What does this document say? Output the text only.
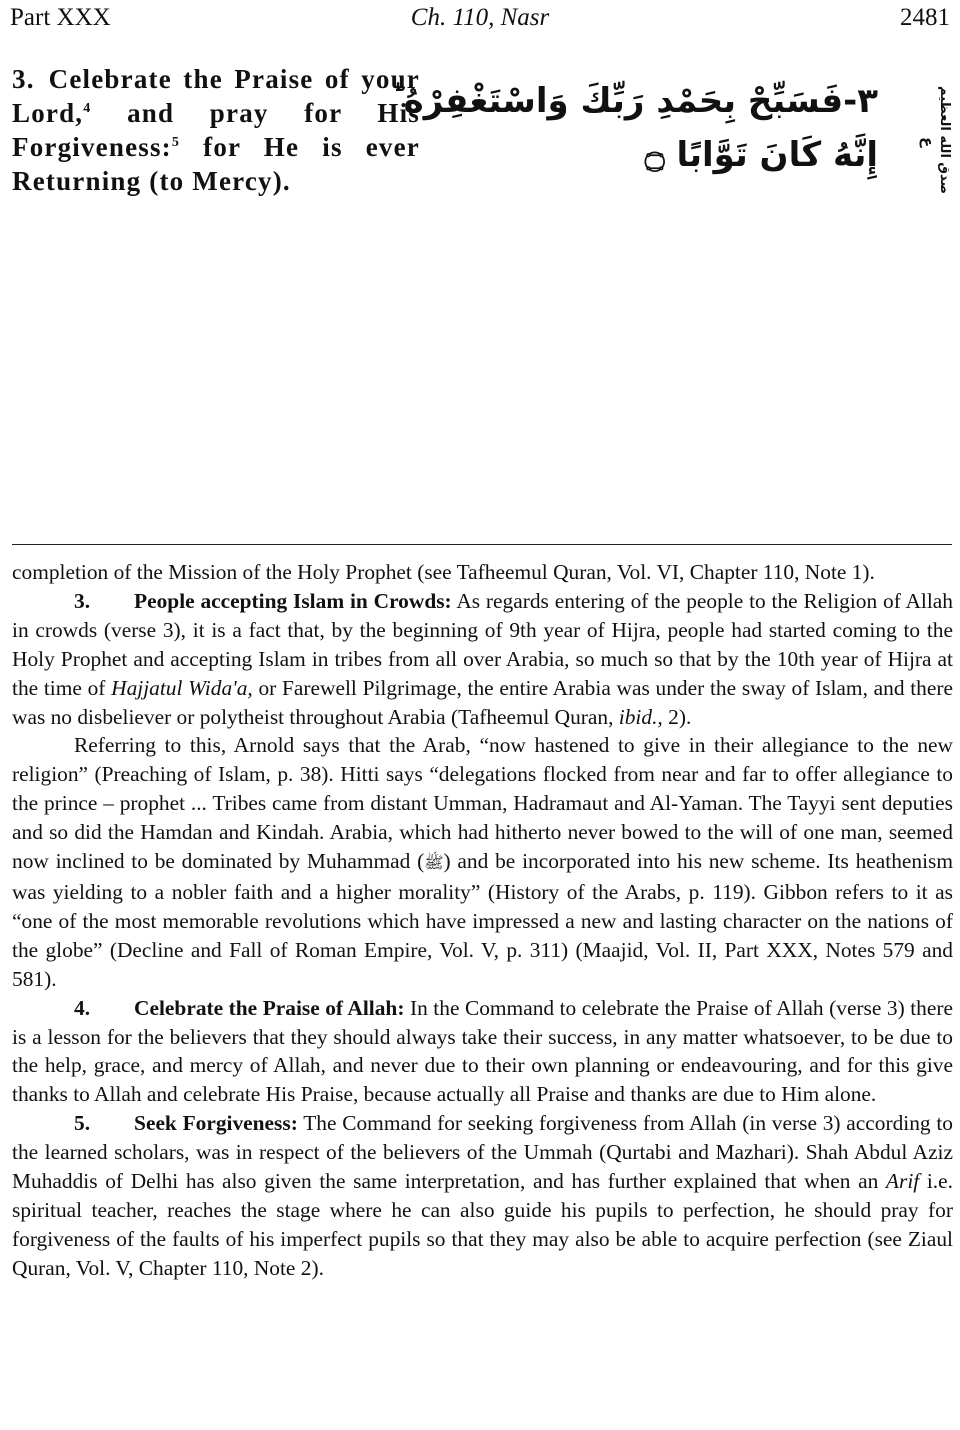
Part XXX	Ch. 110, Nasr	2481
3. Celebrate the Praise of your Lord,$^4$ and pray for His Forgiveness:$^5$ for He is ever Returning (to Mercy).
٣-فَسَبِّحْ بِحَمْدِ رَبِّكَ وَاسْتَغْفِرْهُ ؕ
إِنَّهُ كَانَ تَوَّابًا ۝	صدق الله العظیم
ع

completion of the Mission of the Holy Prophet (see Tafheemul Quran, Vol. VI, Chapter 110, Note 1).

3. People accepting Islam in Crowds: As regards entering of the people to the Religion of Allah in crowds (verse 3), it is a fact that, by the beginning of 9th year of Hijra, people had started coming to the Holy Prophet and accepting Islam in tribes from all over Arabia, so much so that by the 10th year of Hijra at the time of Hajjatul Wida'a, or Farewell Pilgrimage, the entire Arabia was under the sway of Islam, and there was no disbeliever or polytheist throughout Arabia (Tafheemul Quran, ibid., 2).

Referring to this, Arnold says that the Arab, “now hastened to give in their allegiance to the new religion” (Preaching of Islam, p. 38). Hitti says “delegations flocked from near and far to offer allegiance to the prince – prophet ... Tribes came from distant Umman, Hadramaut and Al-Yaman. The Tayyi sent deputies and so did the Hamdan and Kindah. Arabia, which had hitherto never bowed to the will of one man, seemed now inclined to be dominated by Muhammad (ﷺ) and be incorporated into his new scheme. Its heathenism was yielding to a nobler faith and a higher morality” (History of the Arabs, p. 119). Gibbon refers to it as “one of the most memorable revolutions which have impressed a new and lasting character on the nations of the globe” (Decline and Fall of Roman Empire, Vol. V, p. 311) (Maajid, Vol. II, Part XXX, Notes 579 and 581).

4. Celebrate the Praise of Allah: In the Command to celebrate the Praise of Allah (verse 3) there is a lesson for the believers that they should always take their success, in any matter whatsoever, to be due to the help, grace, and mercy of Allah, and never due to their own planning or endeavouring, and for this give thanks to Allah and celebrate His Praise, because actually all Praise and thanks are due to Him alone.

5. Seek Forgiveness: The Command for seeking forgiveness from Allah (in verse 3) according to the learned scholars, was in respect of the believers of the Ummah (Qurtabi and Mazhari). Shah Abdul Aziz Muhaddis of Delhi has also given the same interpretation, and has further explained that when an Arif i.e. spiritual teacher, reaches the stage where he can also guide his pupils to perfection, he should pray for forgiveness of the faults of his imperfect pupils so that they may also be able to acquire perfection (see Ziaul Quran, Vol. V, Chapter 110, Note 2).
